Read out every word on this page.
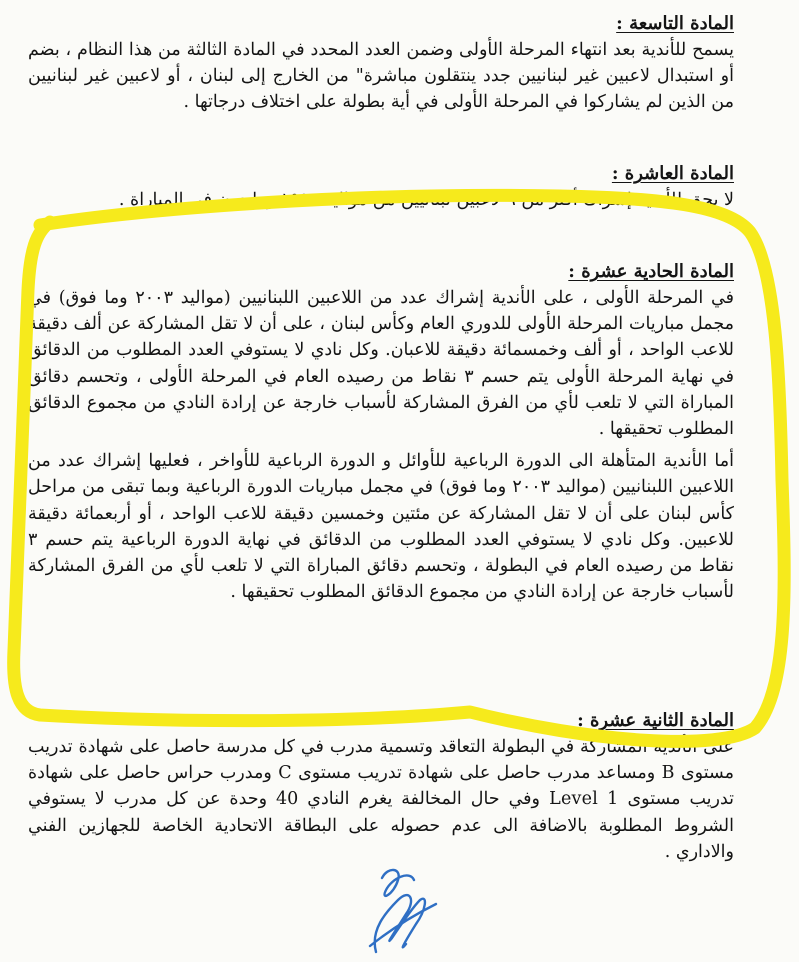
المادة التاسعة :

يسمح للأندية بعد انتهاء المرحلة الأولى وضمن العدد المحدد في المادة الثالثة من هذا النظام ، بضم أو استبدال لاعبين غير لبنانيين جدد ينتقلون مباشرة" من الخارج إلى لبنان ، أو لاعبين غير لبنانيين من الذين لم يشاركوا في المرحلة الأولى في أية بطولة على اختلاف درجاتها .

المادة العاشرة :

لا يحق للأندية إشراك أكثر من ٦ لاعبين لبنانيين من مواليد ١٩٩٥ وما دون في المباراة .

المادة الحادية عشرة :

في المرحلة الأولى ، على الأندية إشراك عدد من اللاعبين اللبنانيين (مواليد ٢٠٠٣ وما فوق) في مجمل مباريات المرحلة الأولى للدوري العام وكأس لبنان ، على أن لا تقل المشاركة عن ألف دقيقة للاعب الواحد ، أو ألف وخمسمائة دقيقة للاعبان. وكل نادي لا يستوفي العدد المطلوب من الدقائق في نهاية المرحلة الأولى يتم حسم ٣ نقاط من رصيده العام في المرحلة الأولى ، وتحسم دقائق المباراة التي لا تلعب لأي من الفرق المشاركة لأسباب خارجة عن إرادة النادي من مجموع الدقائق المطلوب تحقيقها .

أما الأندية المتأهلة الى الدورة الرباعية للأوائل و الدورة الرباعية للأواخر ، فعليها إشراك عدد من اللاعبين اللبنانيين (مواليد ٢٠٠٣ وما فوق) في مجمل مباريات الدورة الرباعية وبما تبقى من مراحل كأس لبنان على أن لا تقل المشاركة عن مئتين وخمسين دقيقة للاعب الواحد ، أو أربعمائة دقيقة للاعبين. وكل نادي لا يستوفي العدد المطلوب من الدقائق في نهاية الدورة الرباعية يتم حسم ٣ نقاط من رصيده العام في البطولة ، وتحسم دقائق المباراة التي لا تلعب لأي من الفرق المشاركة لأسباب خارجة عن إرادة النادي من مجموع الدقائق المطلوب تحقيقها .

المادة الثانية عشرة :

على الأندية المشاركة في البطولة التعاقد وتسمية مدرب في كل مدرسة حاصل على شهادة تدريب مستوى B ومساعد مدرب حاصل على شهادة تدريب مستوى C ومدرب حراس حاصل على شهادة تدريب مستوى Level 1 وفي حال المخالفة يغرم النادي 40 وحدة عن كل مدرب لا يستوفي الشروط المطلوبة بالاضافة الى عدم حصوله على البطاقة الاتحادية الخاصة للجهازين الفني والاداري .
